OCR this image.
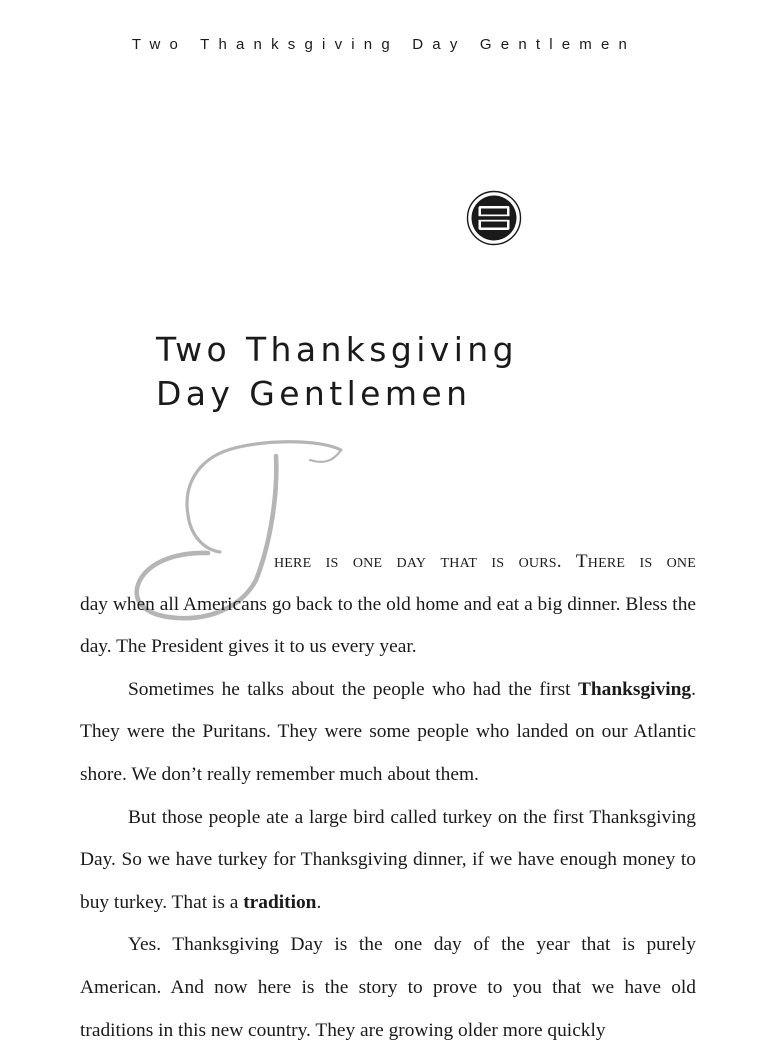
Two Thanksgiving Day Gentlemen
Two Thanksgiving
Day Gentlemen

here is one day that is ours. There is one
day when all Americans go back to the old home and eat a big dinner. Bless the day. The President gives it to us every year.

Sometimes he talks about the people who had the first Thanksgiving. They were the Puritans. They were some people who landed on our Atlantic shore. We don’t really remember much about them.

But those people ate a large bird called turkey on the first Thanksgiving Day. So we have turkey for Thanksgiving dinner, if we have enough money to buy turkey. That is a tradition.

Yes. Thanksgiving Day is the one day of the year that is purely American. And now here is the story to prove to you that we have old traditions in this new country. They are growing older more quickly
